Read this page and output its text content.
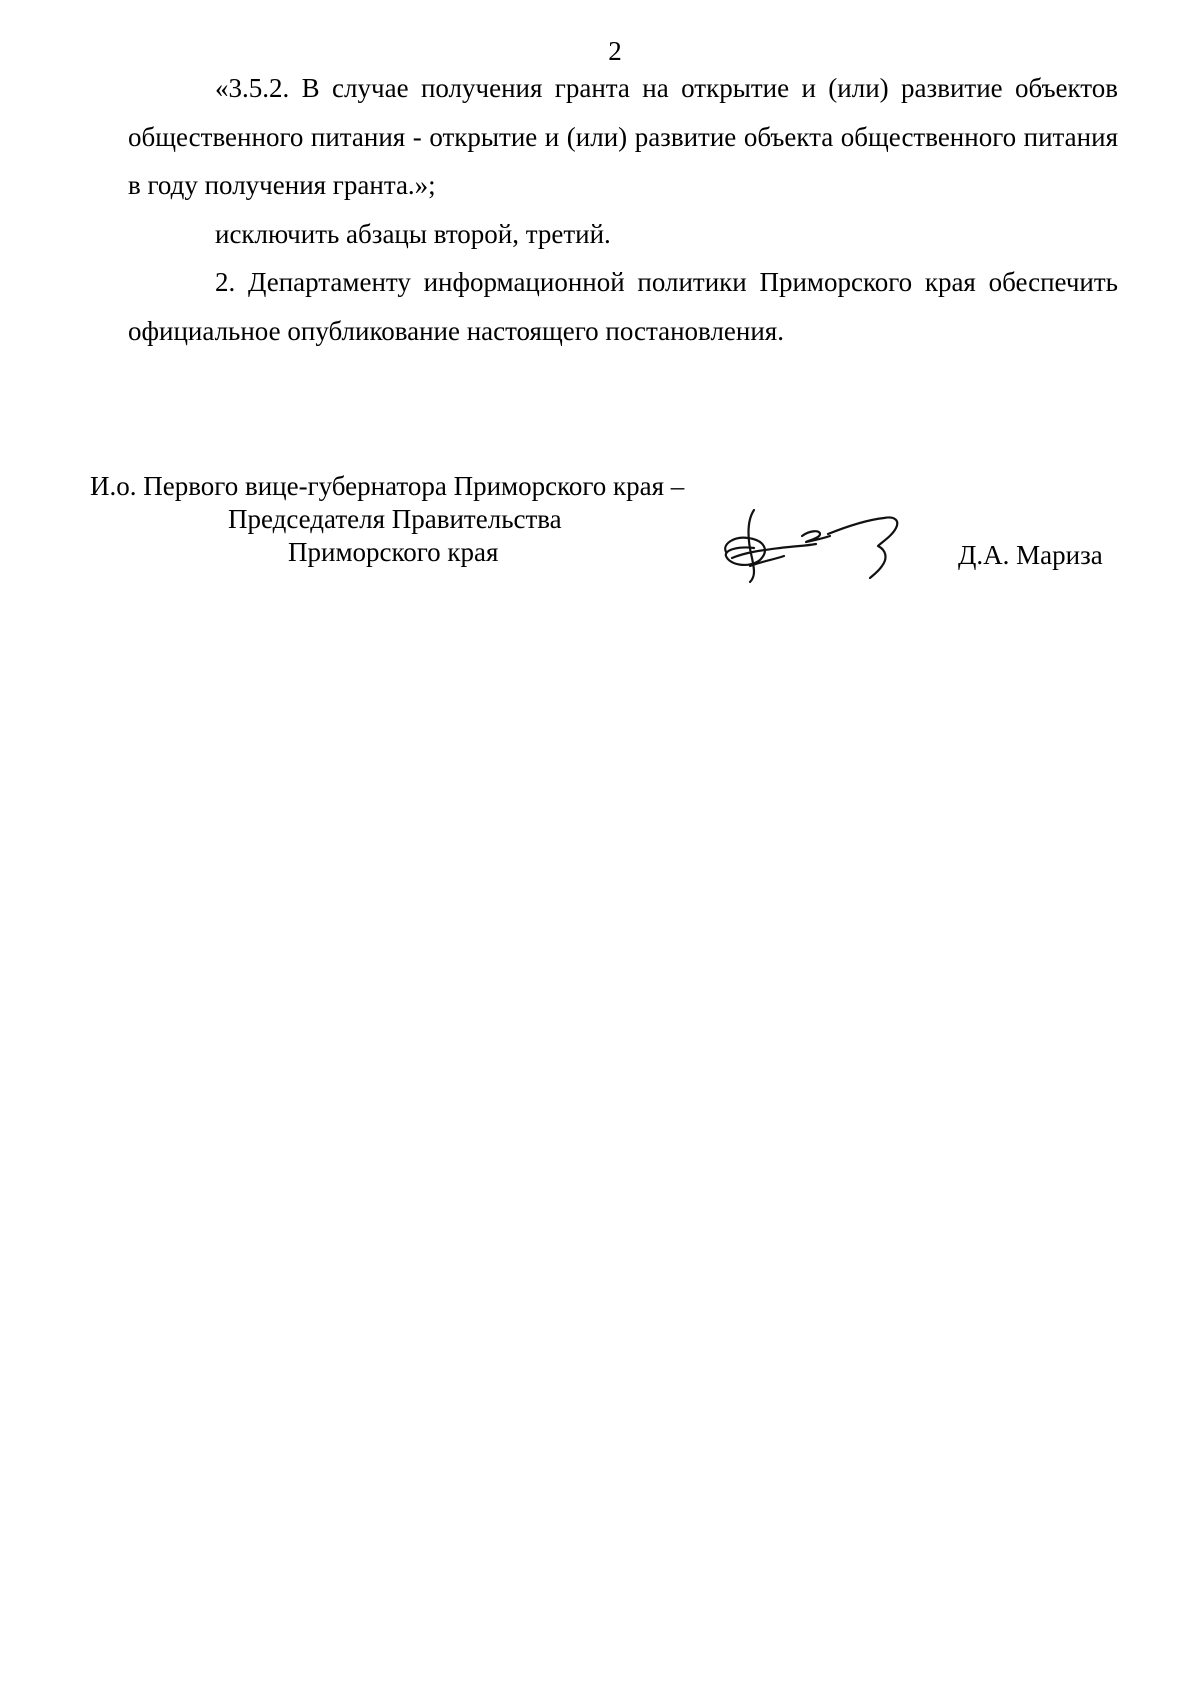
2

«3.5.2. В случае получения гранта на открытие и (или) развитие объектов общественного питания - открытие и (или) развитие объекта общественного питания в году получения гранта.»;

исключить абзацы второй, третий.

2. Департаменту информационной политики Приморского края обеспечить официальное опубликование настоящего постановления.

И.о. Первого вице-губернатора Приморского края –
Председателя Правительства
Приморского края	Д.А. Мариза
